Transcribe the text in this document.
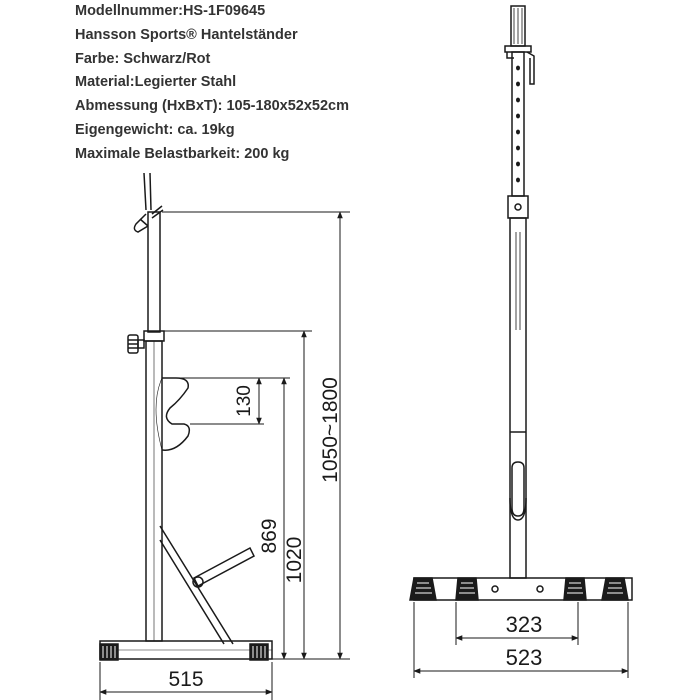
Modellnummer:HS-1F09645
Hansson Sports® Hantelständer
Farbe: Schwarz/Rot
Material:Legierter Stahl
Abmessung (HxBxT): 105-180x52x52cm
Eigengewicht: ca. 19kg
Maximale Belastbarkeit: 200 kg
515
323
523
1050~1800
1020
869
130
